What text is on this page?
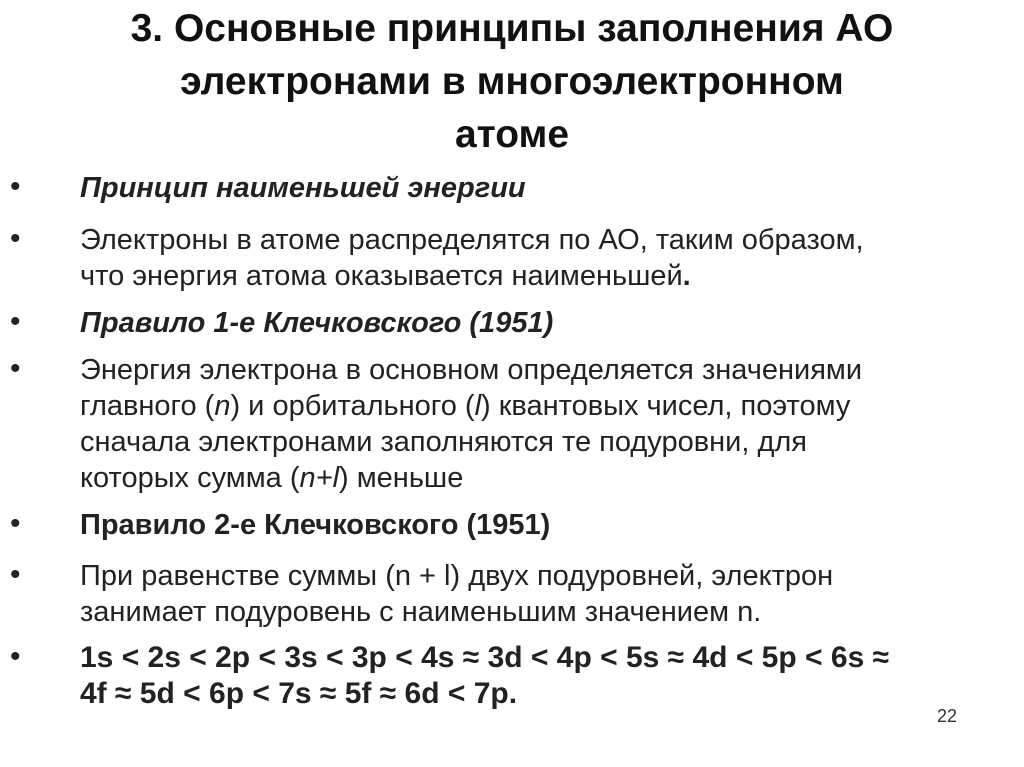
3. Основные принципы заполнения АО
электронами в многоэлектронном
атоме
• Принцип наименьшей энергии
• Электроны в атоме распределятся по АО, таким образом,
что энергия атома оказывается наименьшей.
• Правило 1-е Клечковского (1951)
• Энергия электрона в основном определяется значениями
главного (n) и орбитального (l) квантовых чисел, поэтому
сначала электронами заполняются те подуровни, для
которых сумма (n+l) меньше
• Правило 2-е Клечковского (1951)
• При равенстве суммы (n + l) двух подуровней, электрон
занимает подуровень с наименьшим значением n.
• 1s < 2s < 2p < 3s < 3p < 4s ≈ 3d < 4p < 5s ≈ 4d < 5p < 6s ≈
4f ≈ 5d < 6p < 7s ≈ 5f ≈ 6d < 7p.
22
